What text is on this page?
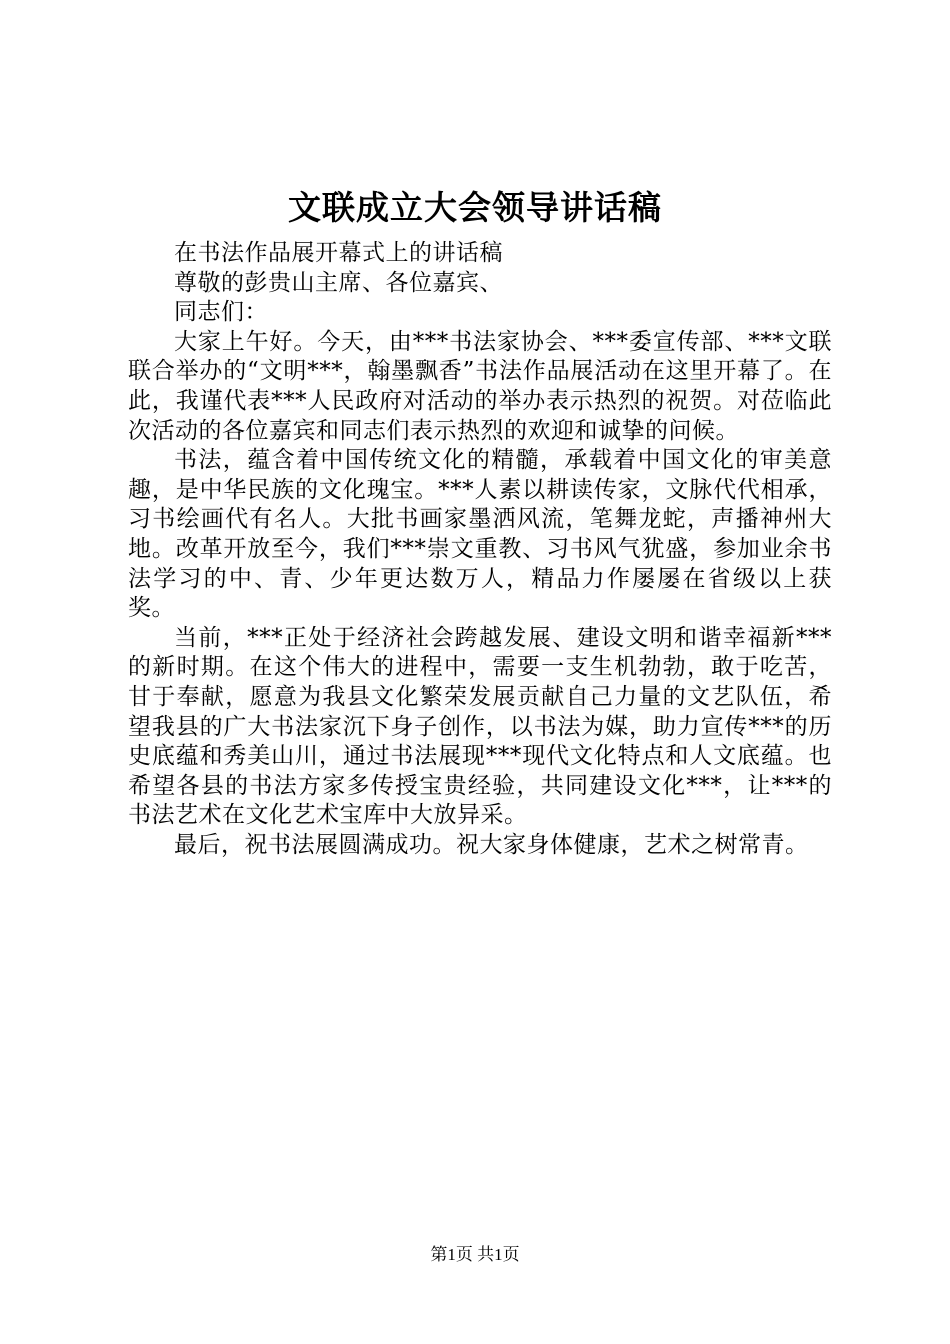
文联成立大会领导讲话稿

在书法作品展开幕式上的讲话稿

尊敬的彭贵山主席、各位嘉宾、

同志们：

大家上午好。今天，由***书法家协会、***委宣传部、***文联联合举办的“文明***，翰墨飘香”书法作品展活动在这里开幕了。在此，我谨代表***人民政府对活动的举办表示热烈的祝贺。对莅临此次活动的各位嘉宾和同志们表示热烈的欢迎和诚挚的问候。

书法，蕴含着中国传统文化的精髓，承载着中国文化的审美意趣，是中华民族的文化瑰宝。***人素以耕读传家，文脉代代相承，习书绘画代有名人。大批书画家墨洒风流，笔舞龙蛇，声播神州大地。改革开放至今，我们***崇文重教、习书风气犹盛，参加业余书法学习的中、青、少年更达数万人，精品力作屡屡在省级以上获奖。

当前，***正处于经济社会跨越发展、建设文明和谐幸福新***的新时期。在这个伟大的进程中，需要一支生机勃勃，敢于吃苦，甘于奉献，愿意为我县文化繁荣发展贡献自己力量的文艺队伍，希望我县的广大书法家沉下身子创作，以书法为媒，助力宣传***的历史底蕴和秀美山川，通过书法展现***现代文化特点和人文底蕴。也希望各县的书法方家多传授宝贵经验，共同建设文化***，让***的书法艺术在文化艺术宝库中大放异采。

最后，祝书法展圆满成功。祝大家身体健康，艺术之树常青。

第1页 共1页
